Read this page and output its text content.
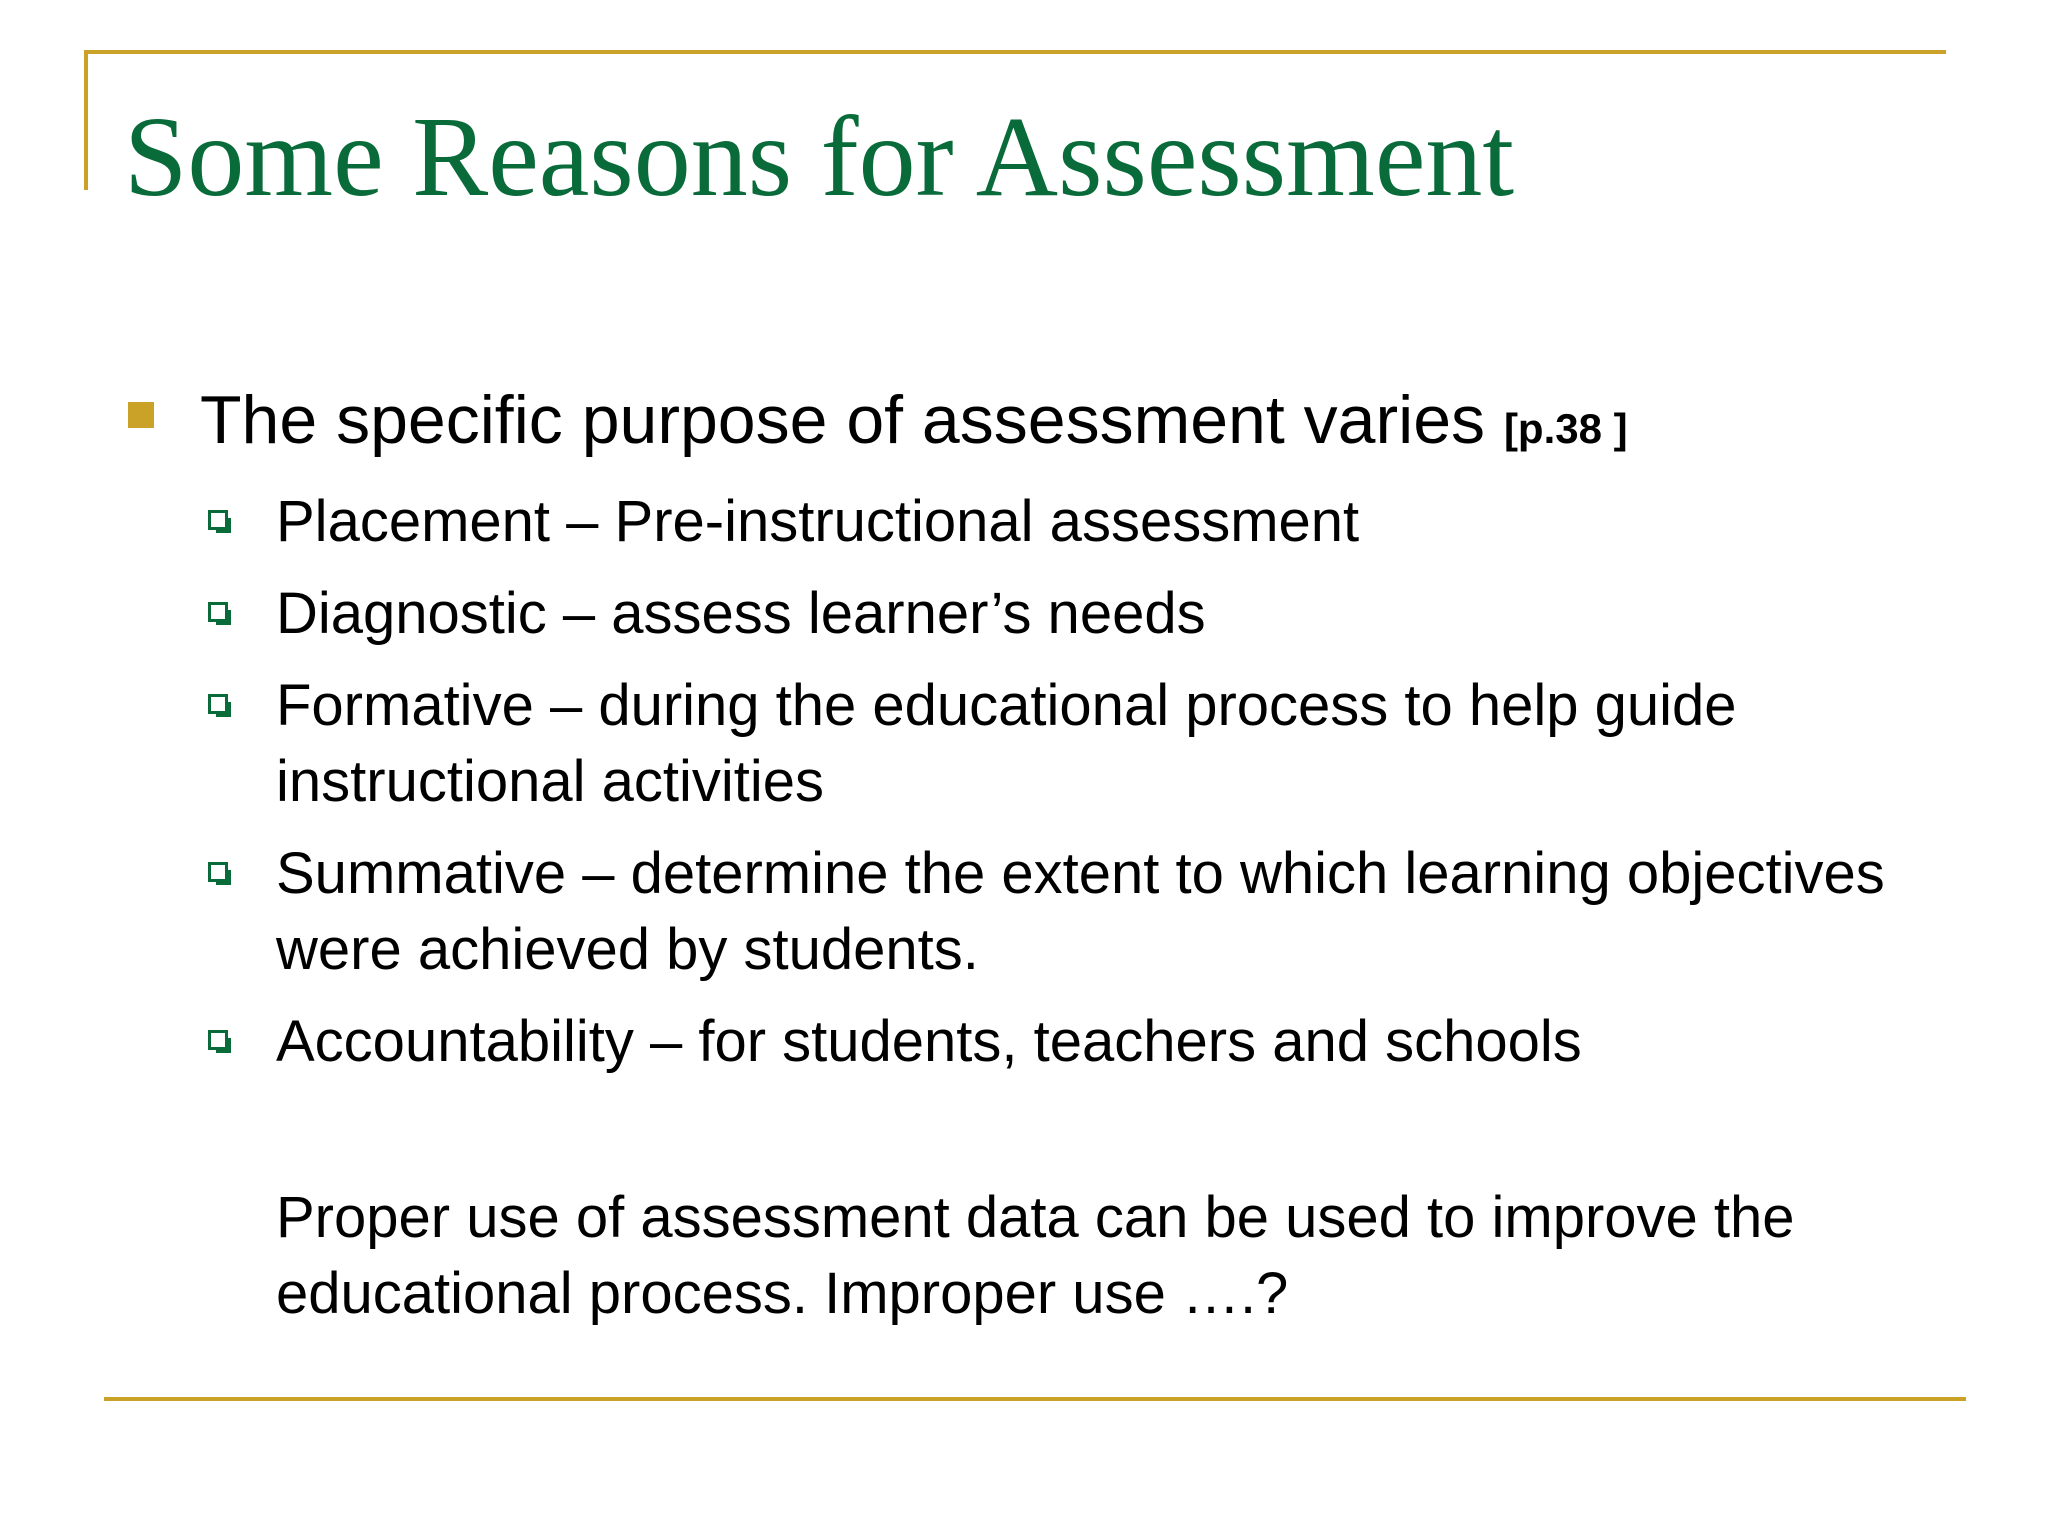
Some Reasons for Assessment
The specific purpose of assessment varies [p.38 ]
Placement – Pre-instructional assessment
Diagnostic – assess learner’s needs
Formative – during the educational process to help guide instructional activities
Summative – determine the extent to which learning objectives were achieved by students.
Accountability – for students, teachers and schools

Proper use of assessment data can be used to improve the educational process. Improper use ….?
